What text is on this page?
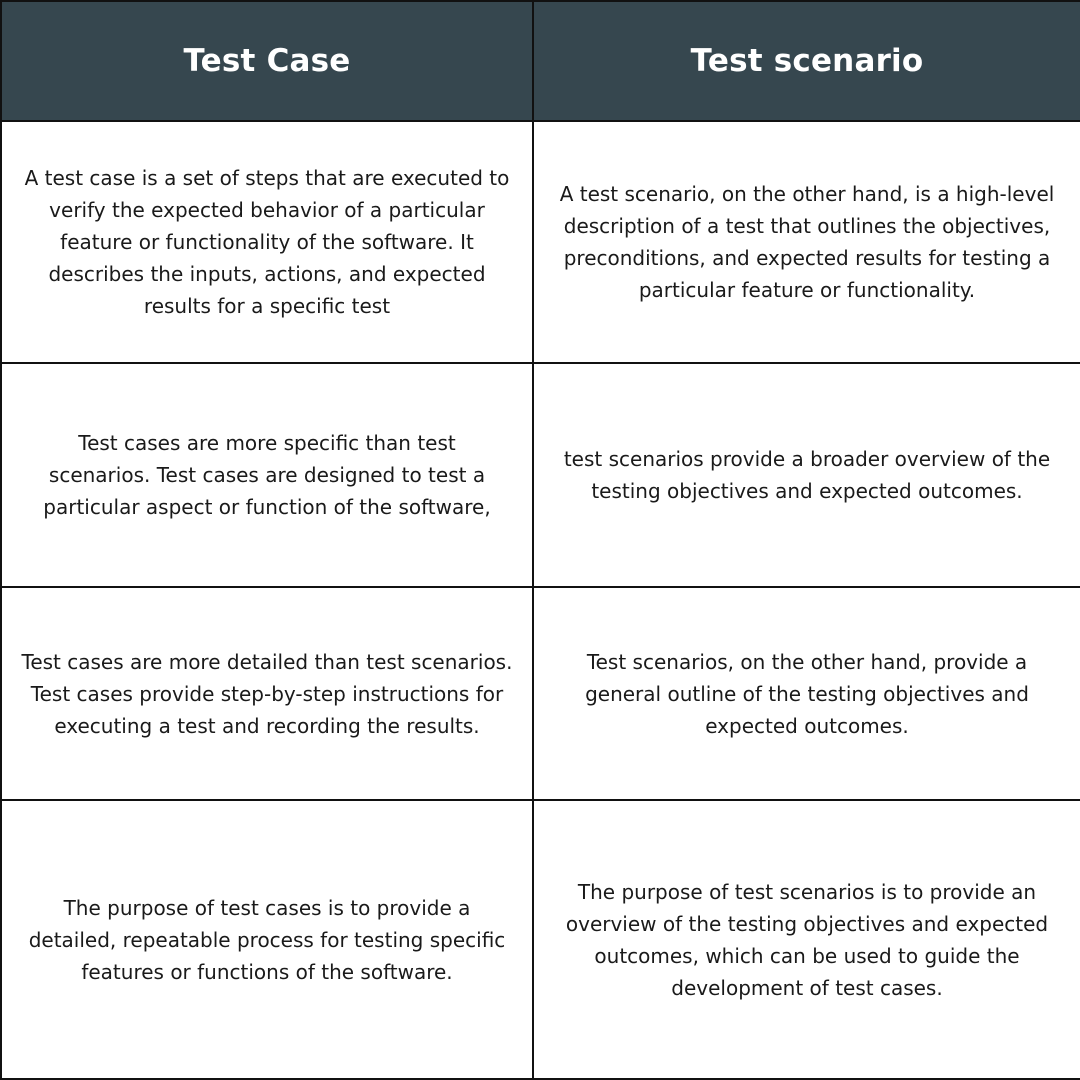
Test Case	Test scenario
A test case is a set of steps that are executed to verify the expected behavior of a particular feature or functionality of the software. It describes the inputs, actions, and expected results for a specific test
A test scenario, on the other hand, is a high-level description of a test that outlines the objectives, preconditions, and expected results for testing a particular feature or functionality.
Test cases are more specific than test scenarios. Test cases are designed to test a particular aspect or function of the software,
test scenarios provide a broader overview of the testing objectives and expected outcomes.
Test cases are more detailed than test scenarios. Test cases provide step-by-step instructions for executing a test and recording the results.
Test scenarios, on the other hand, provide a general outline of the testing objectives and expected outcomes.
The purpose of test cases is to provide a detailed, repeatable process for testing specific features or functions of the software.
The purpose of test scenarios is to provide an overview of the testing objectives and expected outcomes, which can be used to guide the development of test cases.
